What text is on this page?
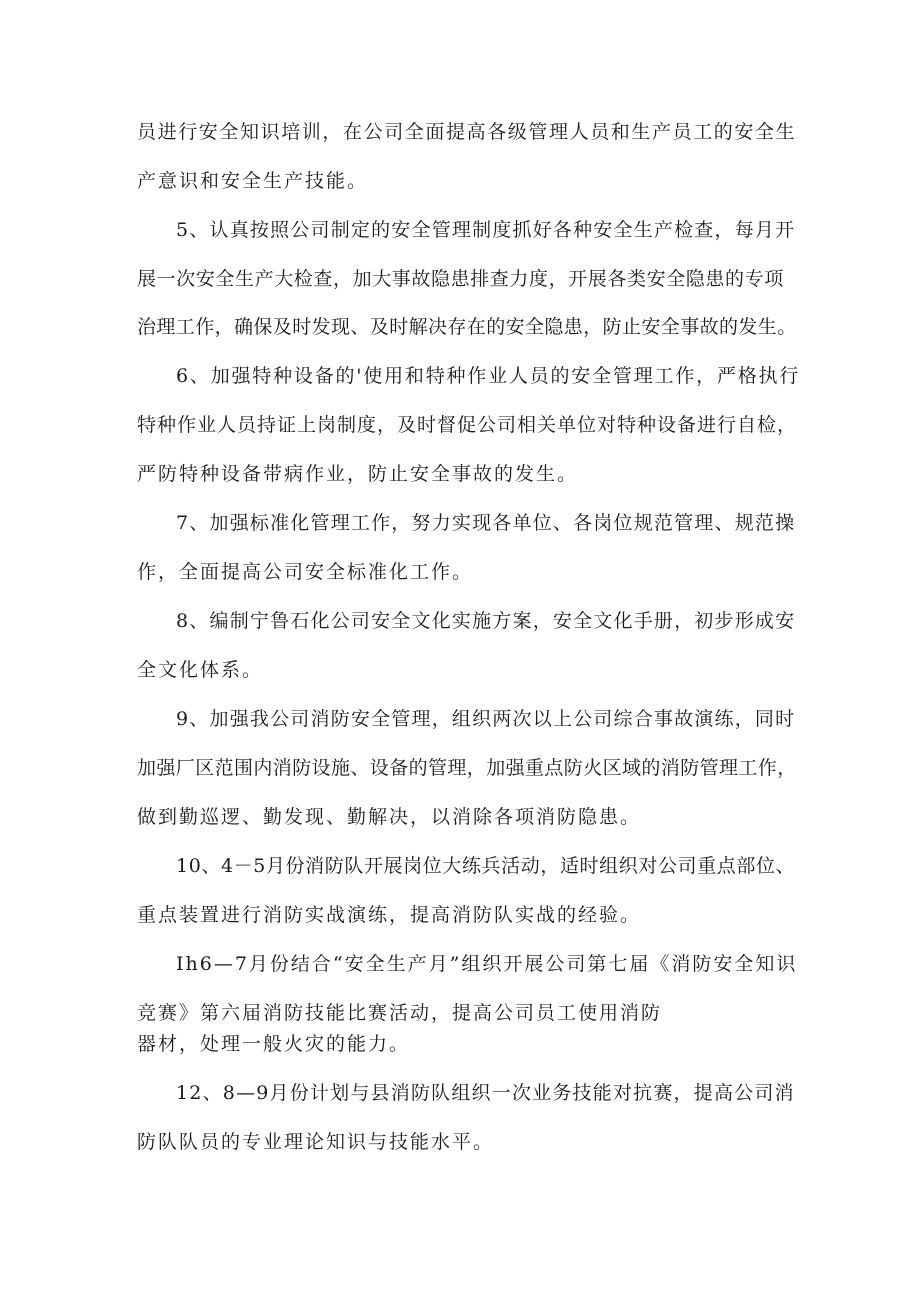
员进行安全知识培训，在公司全面提高各级管理人员和生产员工的安全生

产意识和安全生产技能。

5、认真按照公司制定的安全管理制度抓好各种安全生产检查，每月开

展一次安全生产大检查，加大事故隐患排查力度，开展各类安全隐患的专项

治理工作，确保及时发现、及时解决存在的安全隐患，防止安全事故的发生。

6、加强特种设备的'使用和特种作业人员的安全管理工作，严格执行

特种作业人员持证上岗制度，及时督促公司相关单位对特种设备进行自检，

严防特种设备带病作业，防止安全事故的发生。

7、加强标准化管理工作，努力实现各单位、各岗位规范管理、规范操

作，全面提高公司安全标准化工作。

8、编制宁鲁石化公司安全文化实施方案，安全文化手册，初步形成安

全文化体系。

9、加强我公司消防安全管理，组织两次以上公司综合事故演练，同时

加强厂区范围内消防设施、设备的管理，加强重点防火区域的消防管理工作，

做到勤巡逻、勤发现、勤解决，以消除各项消防隐患。

10、4－5月份消防队开展岗位大练兵活动，适时组织对公司重点部位、

重点装置进行消防实战演练，提高消防队实战的经验。

Ih6—7月份结合“安全生产月”组织开展公司第七届《消防安全知识

竞赛》第六届消防技能比赛活动，提高公司员工使用消防

器材，处理一般火灾的能力。

12、8—9月份计划与县消防队组织一次业务技能对抗赛，提高公司消

防队队员的专业理论知识与技能水平。
